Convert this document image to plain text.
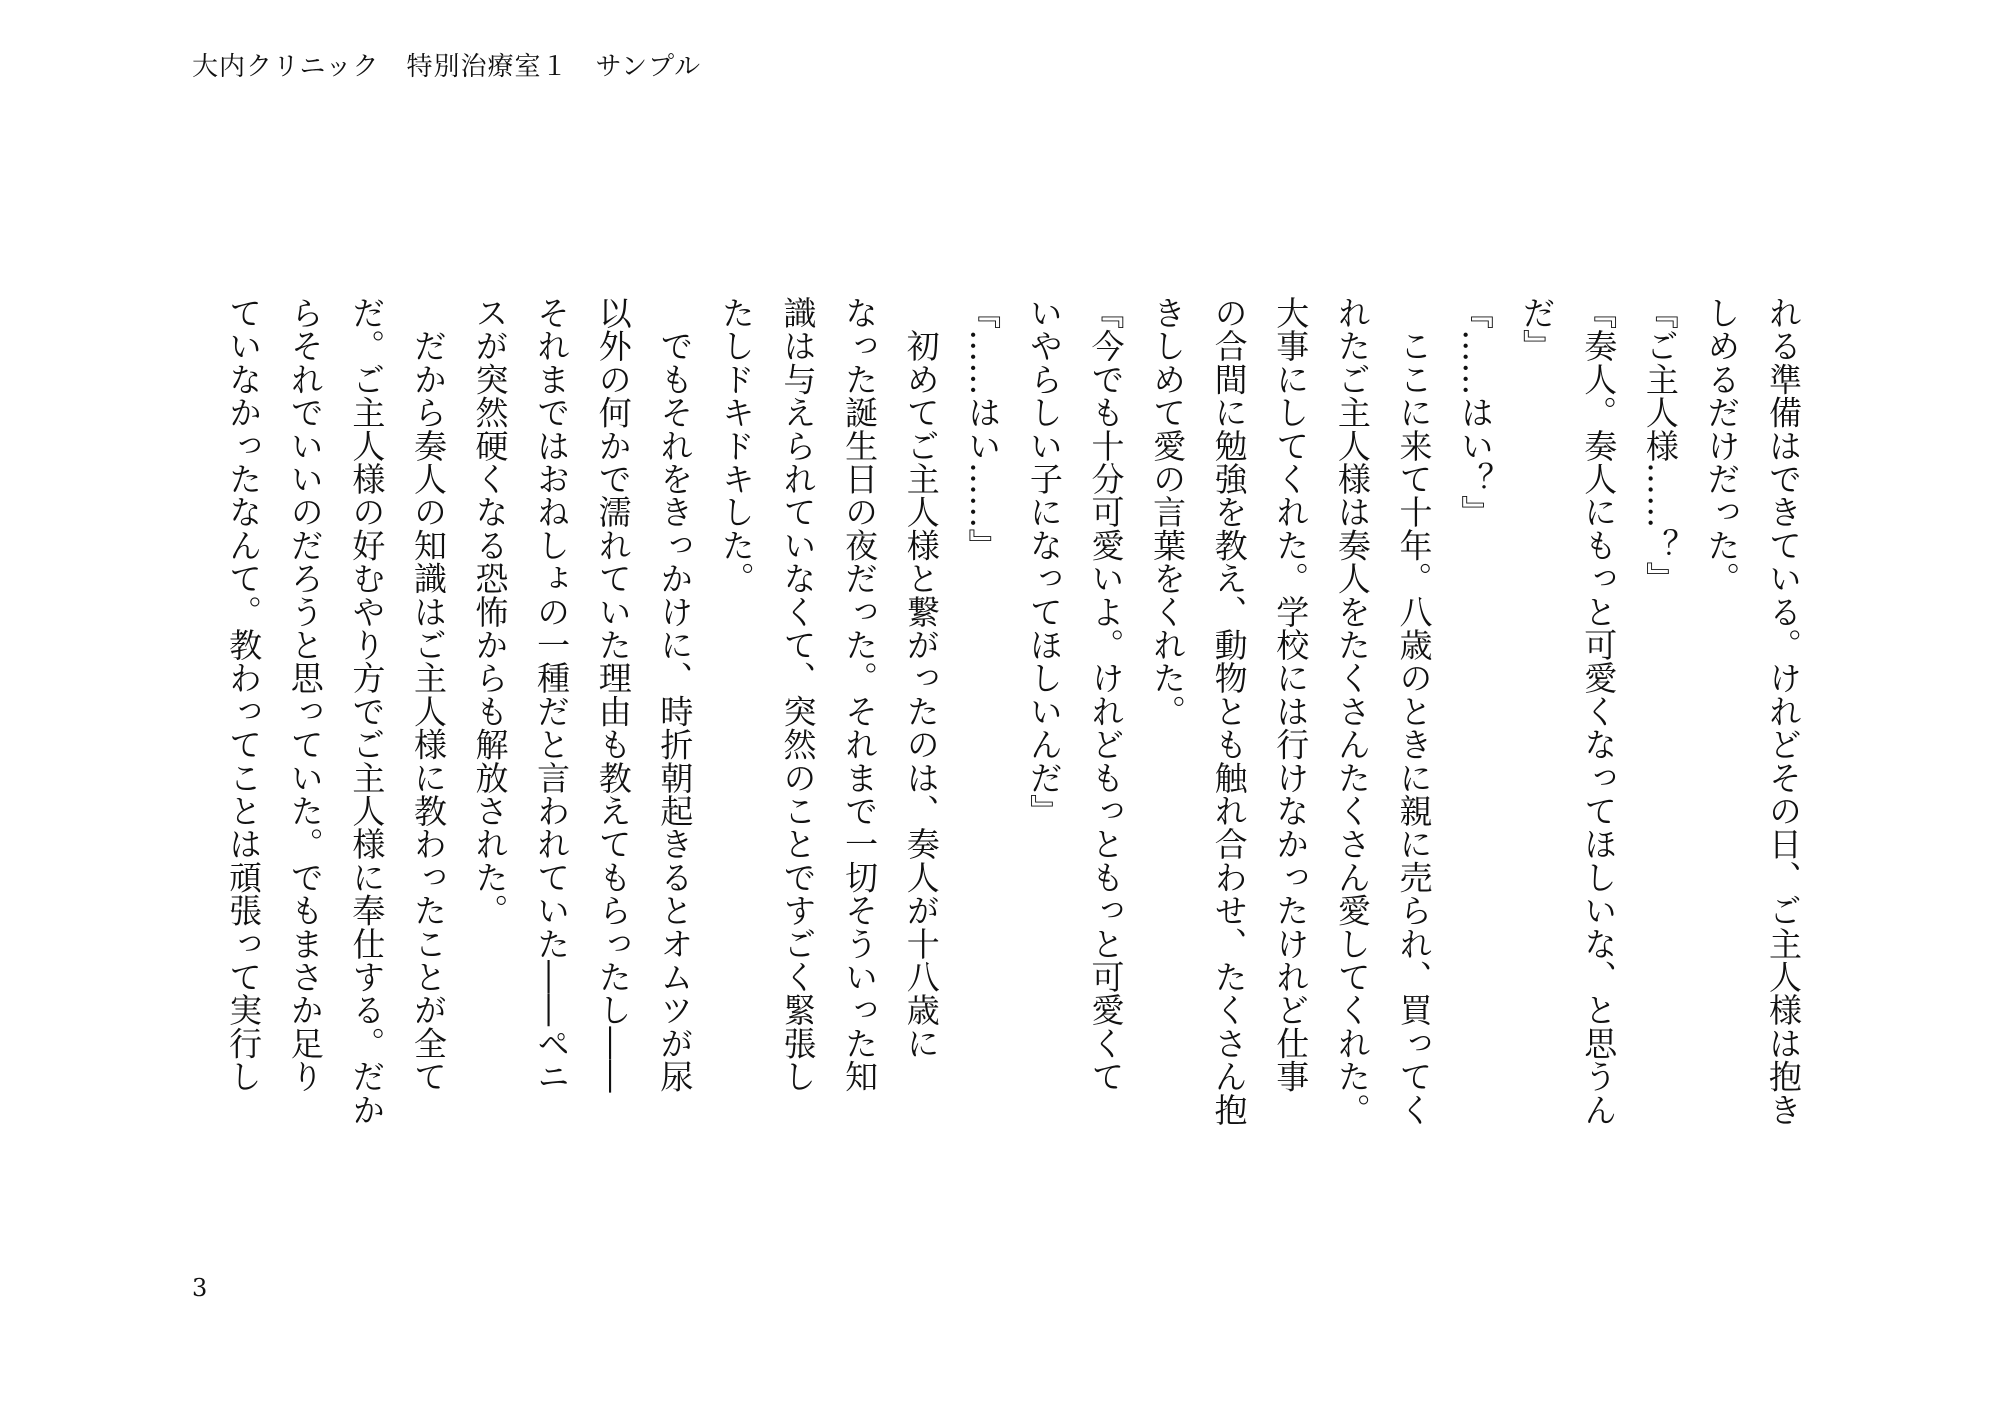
大内クリニック　特別治療室１　サンプル
れる準備はできている。けれどその日、ご主人様は抱き
しめるだけだった。
『ご主人様……？』
『奏人。奏人にもっと可愛くなってほしいな、と思うん
だ』
『……はい？』
　ここに来て十年。八歳のときに親に売られ、買ってく
れたご主人様は奏人をたくさんたくさん愛してくれた。
大事にしてくれた。学校には行けなかったけれど仕事
の合間に勉強を教え、動物とも触れ合わせ、たくさん抱
きしめて愛の言葉をくれた。
『今でも十分可愛いよ。けれどもっともっと可愛くて
いやらしい子になってほしいんだ』
『……はい……』
　初めてご主人様と繋がったのは、奏人が十八歳に
なった誕生日の夜だった。それまで一切そういった知
識は与えられていなくて、突然のことですごく緊張し
たしドキドキした。
　でもそれをきっかけに、時折朝起きるとオムツが尿
以外の何かで濡れていた理由も教えてもらったし――
それまではおねしょの一種だと言われていた――ペニ
スが突然硬くなる恐怖からも解放された。
　だから奏人の知識はご主人様に教わったことが全て
だ。ご主人様の好むやり方でご主人様に奉仕する。だか
らそれでいいのだろうと思っていた。でもまさか足り
ていなかったなんて。教わってことは頑張って実行し
3
